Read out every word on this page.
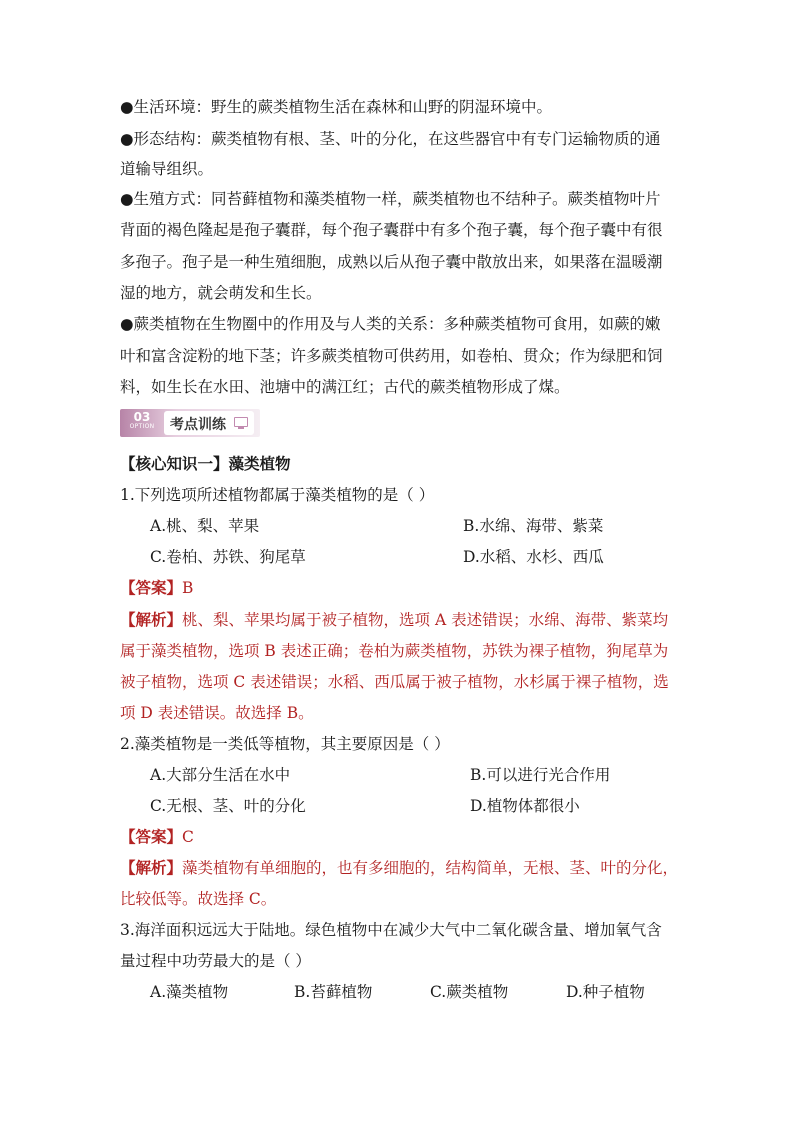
●生活环境：野生的蕨类植物生活在森林和山野的阴湿环境中。
●形态结构：蕨类植物有根、茎、叶的分化，在这些器官中有专门运输物质的通
道输导组织。
●生殖方式：同苔藓植物和藻类植物一样，蕨类植物也不结种子。蕨类植物叶片
背面的褐色隆起是孢子囊群，每个孢子囊群中有多个孢子囊，每个孢子囊中有很
多孢子。孢子是一种生殖细胞，成熟以后从孢子囊中散放出来，如果落在温暖潮
湿的地方，就会萌发和生长。
●蕨类植物在生物圈中的作用及与人类的关系：多种蕨类植物可食用，如蕨的嫩
叶和富含淀粉的地下茎；许多蕨类植物可供药用，如卷柏、贯众；作为绿肥和饲
料，如生长在水田、池塘中的满江红；古代的蕨类植物形成了煤。
03
OPTION	考点训练
【核心知识一】藻类植物
1.下列选项所述植物都属于藻类植物的是（ ）
A.桃、梨、苹果	B.水绵、海带、紫菜
C.卷柏、苏铁、狗尾草	D.水稻、水杉、西瓜
【答案】B
【解析】桃、梨、苹果均属于被子植物，选项 A 表述错误；水绵、海带、紫菜均
属于藻类植物，选项 B 表述正确；卷柏为蕨类植物，苏铁为裸子植物，狗尾草为
被子植物，选项 C 表述错误；水稻、西瓜属于被子植物，水杉属于裸子植物，选
项 D 表述错误。故选择 B。
2.藻类植物是一类低等植物，其主要原因是（ ）
A.大部分生活在水中	B.可以进行光合作用
C.无根、茎、叶的分化	D.植物体都很小
【答案】C
【解析】藻类植物有单细胞的，也有多细胞的，结构简单，无根、茎、叶的分化，
比较低等。故选择 C。
3.海洋面积远远大于陆地。绿色植物中在减少大气中二氧化碳含量、增加氧气含
量过程中功劳最大的是（ ）
A.藻类植物	B.苔藓植物	C.蕨类植物	D.种子植物
